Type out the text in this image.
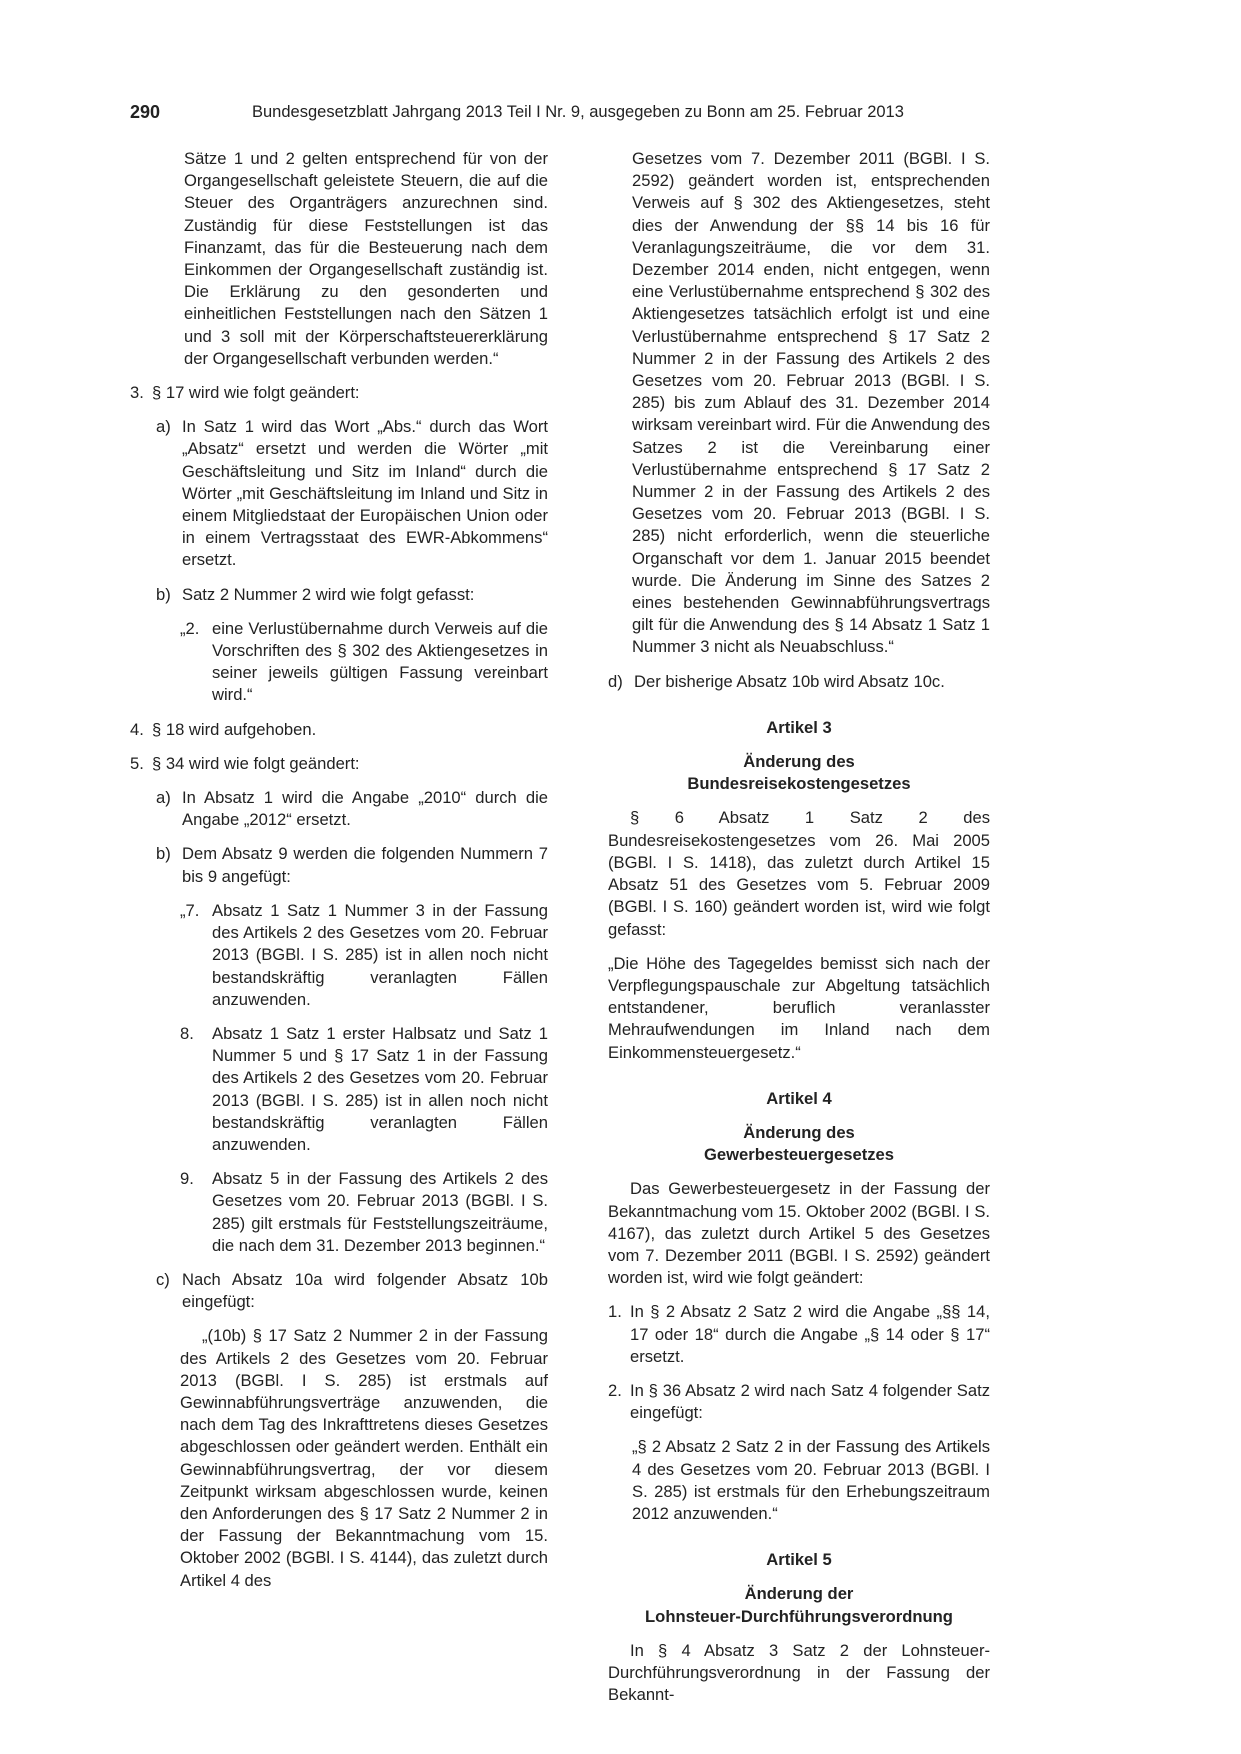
290	Bundesgesetzblatt Jahrgang 2013 Teil I Nr. 9, ausgegeben zu Bonn am 25. Februar 2013

Sätze 1 und 2 gelten entsprechend für von der Organgesellschaft geleistete Steuern, die auf die Steuer des Organträgers anzurechnen sind. Zuständig für diese Feststellungen ist das Finanzamt, das für die Besteuerung nach dem Einkommen der Organgesellschaft zuständig ist. Die Erklärung zu den gesonderten und einheitlichen Feststellungen nach den Sätzen 1 und 3 soll mit der Körperschaftsteuererklärung der Organgesellschaft verbunden werden.“

3. § 17 wird wie folgt geändert:
a) In Satz 1 wird das Wort „Abs.“ durch das Wort „Absatz“ ersetzt und werden die Wörter „mit Geschäftsleitung und Sitz im Inland“ durch die Wörter „mit Geschäftsleitung im Inland und Sitz in einem Mitgliedstaat der Europäischen Union oder in einem Vertragsstaat des EWR-Abkommens“ ersetzt.
b) Satz 2 Nummer 2 wird wie folgt gefasst:
„2. eine Verlustübernahme durch Verweis auf die Vorschriften des § 302 des Aktiengesetzes in seiner jeweils gültigen Fassung vereinbart wird.“
4. § 18 wird aufgehoben.
5. § 34 wird wie folgt geändert:
a) In Absatz 1 wird die Angabe „2010“ durch die Angabe „2012“ ersetzt.
b) Dem Absatz 9 werden die folgenden Nummern 7 bis 9 angefügt:
„7. Absatz 1 Satz 1 Nummer 3 in der Fassung des Artikels 2 des Gesetzes vom 20. Februar 2013 (BGBl. I S. 285) ist in allen noch nicht bestandskräftig veranlagten Fällen anzuwenden.
8.	Absatz 1 Satz 1 erster Halbsatz und Satz 1 Nummer 5 und § 17 Satz 1 in der Fassung des Artikels 2 des Gesetzes vom 20. Februar 2013 (BGBl. I S. 285) ist in allen noch nicht bestandskräftig veranlagten Fällen anzuwenden.
9.	Absatz 5 in der Fassung des Artikels 2 des Gesetzes vom 20. Februar 2013 (BGBl. I S. 285) gilt erstmals für Feststellungszeiträume, die nach dem 31. Dezember 2013 beginnen.“
c) Nach Absatz 10a wird folgender Absatz 10b eingefügt:

„(10b) § 17 Satz 2 Nummer 2 in der Fassung des Artikels 2 des Gesetzes vom 20. Februar 2013 (BGBl. I S. 285) ist erstmals auf Gewinnabführungsverträge anzuwenden, die nach dem Tag des Inkrafttretens dieses Gesetzes abgeschlossen oder geändert werden. Enthält ein Gewinnabführungsvertrag, der vor diesem Zeitpunkt wirksam abgeschlossen wurde, keinen den Anforderungen des § 17 Satz 2 Nummer 2 in der Fassung der Bekanntmachung vom 15. Oktober 2002 (BGBl. I S. 4144), das zuletzt durch Artikel 4 des

Gesetzes vom 7. Dezember 2011 (BGBl. I S. 2592) geändert worden ist, entsprechenden Verweis auf § 302 des Aktiengesetzes, steht dies der Anwendung der §§ 14 bis 16 für Veranlagungszeiträume, die vor dem 31. Dezember 2014 enden, nicht entgegen, wenn eine Verlustübernahme entsprechend § 302 des Aktiengesetzes tatsächlich erfolgt ist und eine Verlustübernahme entsprechend § 17 Satz 2 Nummer 2 in der Fassung des Artikels 2 des Gesetzes vom 20. Februar 2013 (BGBl. I S. 285) bis zum Ablauf des 31. Dezember 2014 wirksam vereinbart wird. Für die Anwendung des Satzes 2 ist die Vereinbarung einer Verlustübernahme entsprechend § 17 Satz 2 Nummer 2 in der Fassung des Artikels 2 des Gesetzes vom 20. Februar 2013 (BGBl. I S. 285) nicht erforderlich, wenn die steuerliche Organschaft vor dem 1. Januar 2015 beendet wurde. Die Änderung im Sinne des Satzes 2 eines bestehenden Gewinnabführungsvertrags gilt für die Anwendung des § 14 Absatz 1 Satz 1 Nummer 3 nicht als Neuabschluss.“

d) Der bisherige Absatz 10b wird Absatz 10c.
Artikel 3
Änderung des
Bundesreisekostengesetzes

§ 6 Absatz 1 Satz 2 des Bundesreisekostengesetzes vom 26. Mai 2005 (BGBl. I S. 1418), das zuletzt durch Artikel 15 Absatz 51 des Gesetzes vom 5. Februar 2009 (BGBl. I S. 160) geändert worden ist, wird wie folgt gefasst:

„Die Höhe des Tagegeldes bemisst sich nach der Verpflegungspauschale zur Abgeltung tatsächlich entstandener, beruflich veranlasster Mehraufwendungen im Inland nach dem Einkommensteuergesetz.“

Artikel 4
Änderung des
Gewerbesteuergesetzes

Das Gewerbesteuergesetz in der Fassung der Bekanntmachung vom 15. Oktober 2002 (BGBl. I S. 4167), das zuletzt durch Artikel 5 des Gesetzes vom 7. Dezember 2011 (BGBl. I S. 2592) geändert worden ist, wird wie folgt geändert:

1. In § 2 Absatz 2 Satz 2 wird die Angabe „§§ 14, 17 oder 18“ durch die Angabe „§ 14 oder § 17“ ersetzt.
2. In § 36 Absatz 2 wird nach Satz 4 folgender Satz eingefügt:

„§ 2 Absatz 2 Satz 2 in der Fassung des Artikels 4 des Gesetzes vom 20. Februar 2013 (BGBl. I S. 285) ist erstmals für den Erhebungszeitraum 2012 anzuwenden.“

Artikel 5
Änderung der
Lohnsteuer-Durchführungsverordnung

In § 4 Absatz 3 Satz 2 der Lohnsteuer-Durchführungsverordnung in der Fassung der Bekannt-
